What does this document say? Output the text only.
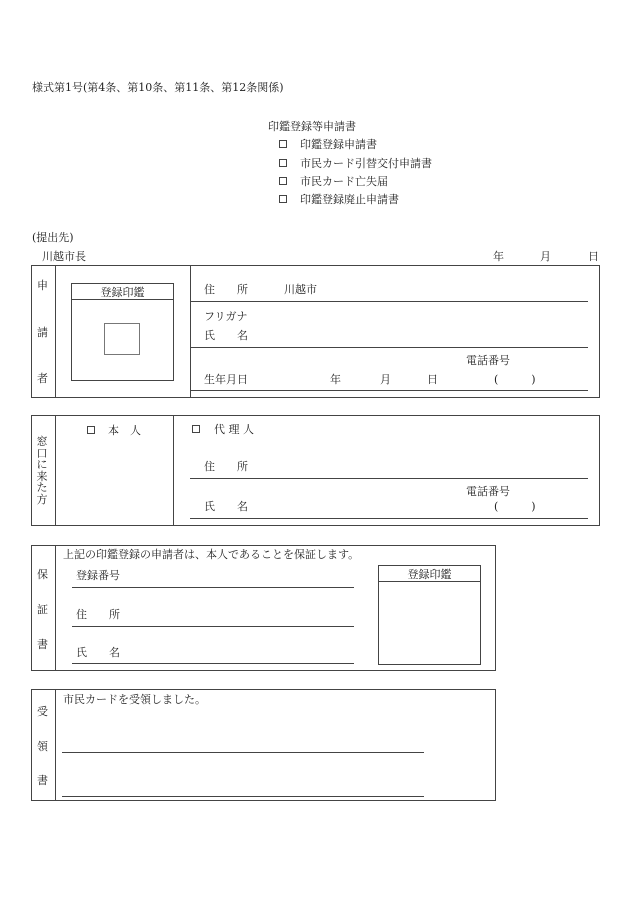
様式第1号(第4条、第10条、第11条、第12条関係)
印鑑登録等申請書
印鑑登録申請書
市民カード引替交付申請書
市民カード亡失届
印鑑登録廃止申請書
(提出先)
川越市長	年	月	日
申
請
者
登録印鑑	住　　所	川越市
フリガナ
氏　　名
電話番号
生年月日	年	月	日	(　　　)
窓
口
に
来
た
方
本　人	代 理 人
住　　所
電話番号
氏　　名	(　　　)
保
証
書
上記の印鑑登録の申請者は、本人であることを保証します。
登録番号
住　　所
氏　　名
登録印鑑
受
領
書
市民カードを受領しました。
